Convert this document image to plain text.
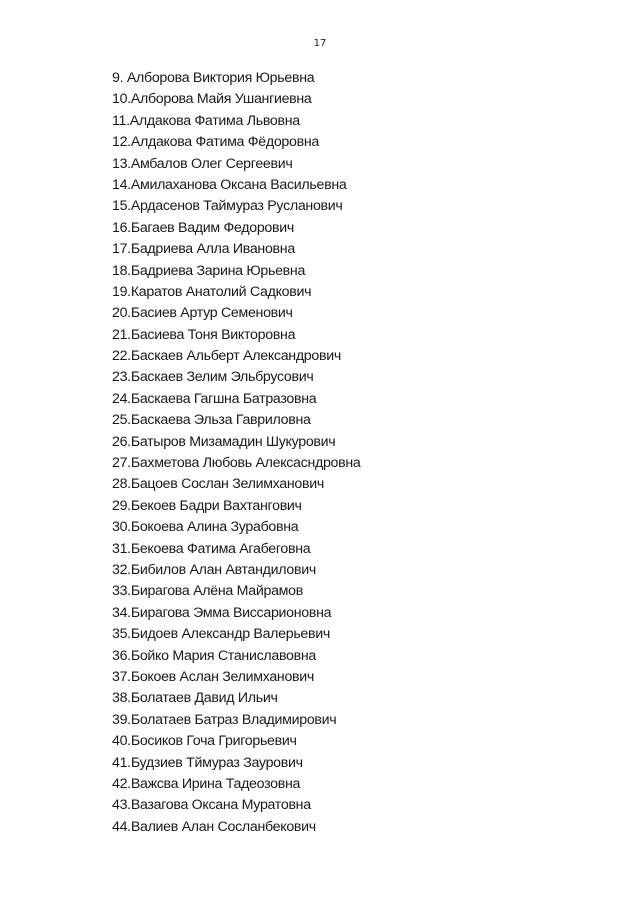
17
9. Алборова Виктория Юрьевна
10.Алборова Майя Ушангиевна
11.Алдакова Фатима Львовна
12.Алдакова Фатима Фёдоровна
13.Амбалов Олег Сергеевич
14.Амилаханова Оксана Васильевна
15.Ардасенов Таймураз Русланович
16.Багаев Вадим Федорович
17.Бадриева Алла Ивановна
18.Бадриева Зарина Юрьевна
19.Каратов Анатолий Садкович
20.Басиев Артур Семенович
21.Басиева Тоня Викторовна
22.Баскаев Альберт Александрович
23.Баскаев Зелим Эльбрусович
24.Баскаева Гагшна Батразовна
25.Баскаева Эльза Гавриловна
26.Батыров Мизамадин Шукурович
27.Бахметова Любовь Алексасндровна
28.Бацоев Сослан Зелимханович
29.Бекоев Бадри Вахтангович
30.Бокоева Алина Зурабовна
31.Бекоева Фатима Агабеговна
32.Бибилов Алан Автандилович
33.Бирагова Алёна Майрамов
34.Бирагова Эмма Виссарионовна
35.Бидоев Александр Валерьевич
36.Бойко Мария Станиславовна
37.Бокоев Аслан Зелимханович
38.Болатаев Давид Ильич
39.Болатаев Батраз Владимирович
40.Босиков Гоча Григорьевич
41.Будзиев Тймураз Заурович
42.Важсва Ирина Тадеозовна
43.Вазагова Оксана Муратовна
44.Валиев Алан Сосланбекович
